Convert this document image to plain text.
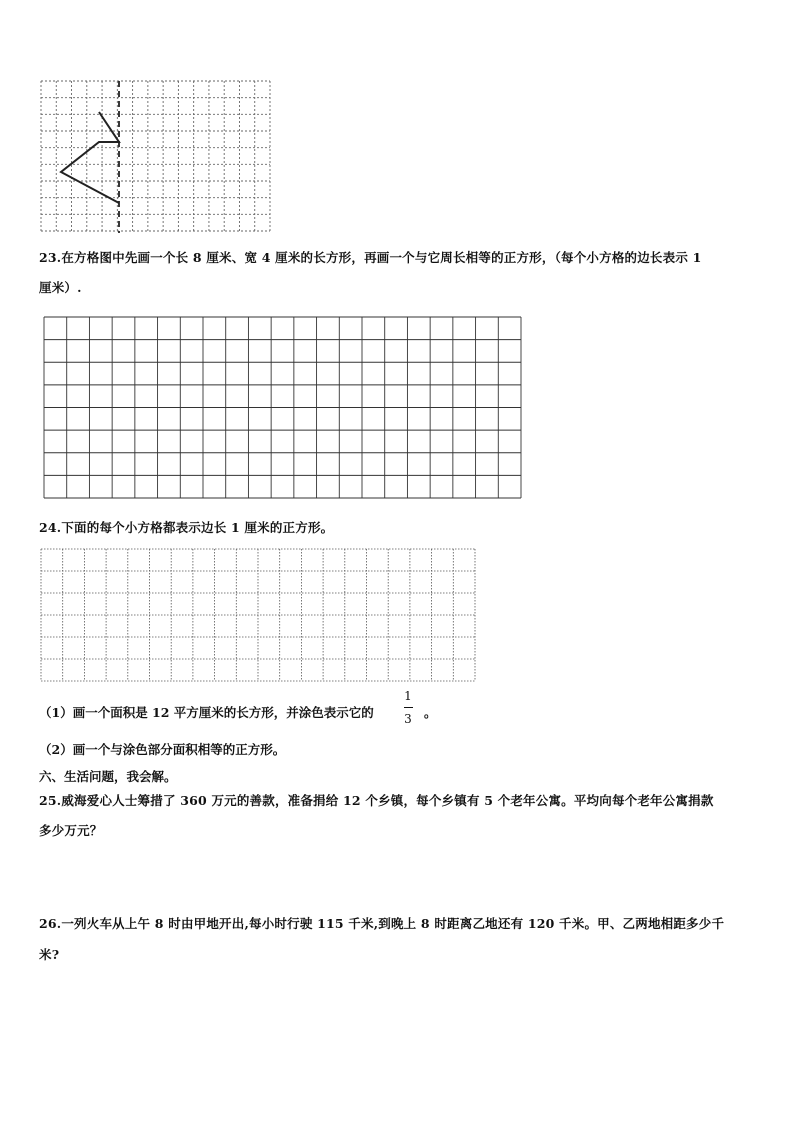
23.在方格图中先画一个长 8 厘米、宽 4 厘米的长方形，再画一个与它周长相等的正方形，（每个小方格的边长表示 1
厘米）.
24.下面的每个小方格都表示边长 1 厘米的正方形。
（1）画一个面积是 12 平方厘米的长方形，并涂色表示它的
1
3 。
（2）画一个与涂色部分面积相等的正方形。
六、生活问题，我会解。
25.威海爱心人士筹措了 360 万元的善款，准备捐给 12 个乡镇，每个乡镇有 5 个老年公寓。平均向每个老年公寓捐款
多少万元？
26.一列火车从上午 8 时由甲地开出,每小时行驶 115 千米,到晚上 8 时距离乙地还有 120 千米。甲、乙两地相距多少千
米?
